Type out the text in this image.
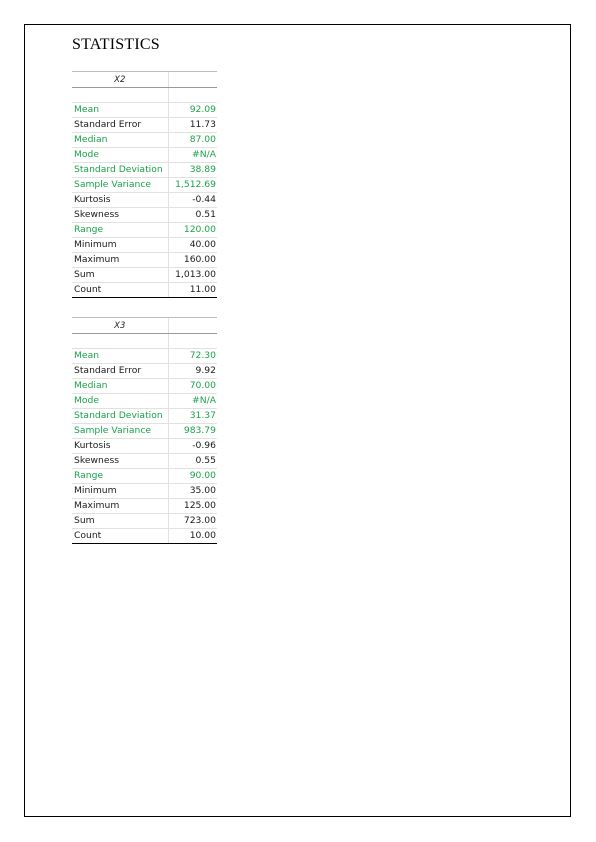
STATISTICS
X2	

Mean	92.09
Standard Error	11.73
Median	87.00
Mode	#N/A
Standard Deviation	38.89
Sample Variance	1,512.69
Kurtosis	-0.44
Skewness	0.51
Range	120.00
Minimum	40.00
Maximum	160.00
Sum	1,013.00
Count	11.00
X3	

Mean	72.30
Standard Error	9.92
Median	70.00
Mode	#N/A
Standard Deviation	31.37
Sample Variance	983.79
Kurtosis	-0.96
Skewness	0.55
Range	90.00
Minimum	35.00
Maximum	125.00
Sum	723.00
Count	10.00
